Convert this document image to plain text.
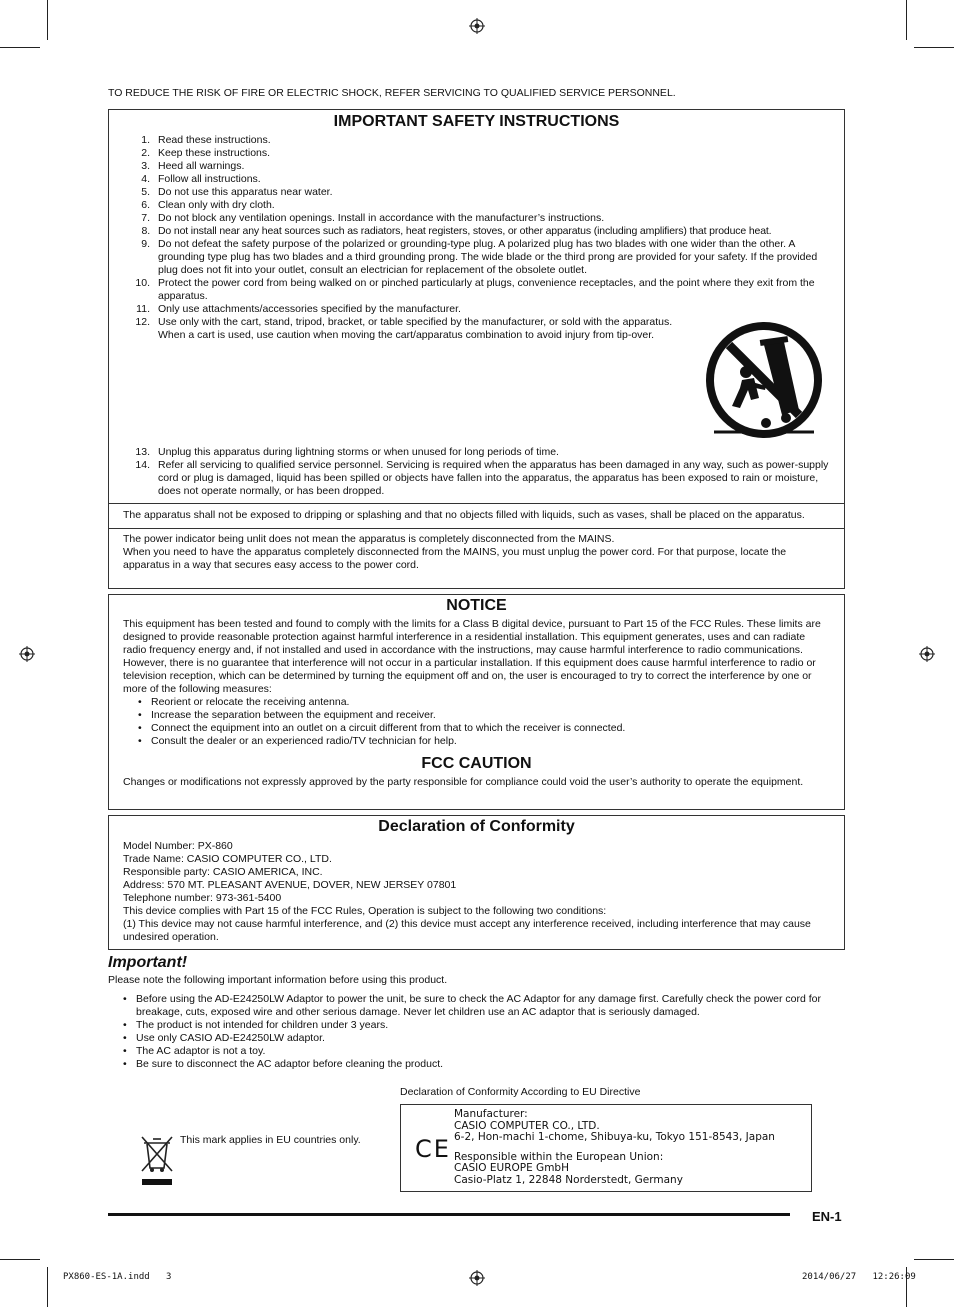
TO REDUCE THE RISK OF FIRE OR ELECTRIC SHOCK, REFER SERVICING TO QUALIFIED SERVICE PERSONNEL.
IMPORTANT SAFETY INSTRUCTIONS
1. Read these instructions.
2. Keep these instructions.
3. Heed all warnings.
4. Follow all instructions.
5. Do not use this apparatus near water.
6. Clean only with dry cloth.
7. Do not block any ventilation openings. Install in accordance with the manufacturer’s instructions.
8. Do not install near any heat sources such as radiators, heat registers, stoves, or other apparatus (including amplifiers) that produce heat.
9. Do not defeat the safety purpose of the polarized or grounding-type plug. A polarized plug has two blades with one wider than the other. A grounding type plug has two blades and a third grounding prong. The wide blade or the third prong are provided for your safety. If the provided plug does not fit into your outlet, consult an electrician for replacement of the obsolete outlet.
10. Protect the power cord from being walked on or pinched particularly at plugs, convenience receptacles, and the point where they exit from the apparatus.
11. Only use attachments/accessories specified by the manufacturer.
12. Use only with the cart, stand, tripod, bracket, or table specified by the manufacturer, or sold with the apparatus. When a cart is used, use caution when moving the cart/apparatus combination to avoid injury from tip-over.
13. Unplug this apparatus during lightning storms or when unused for long periods of time.
14. Refer all servicing to qualified service personnel. Servicing is required when the apparatus has been damaged in any way, such as power-supply cord or plug is damaged, liquid has been spilled or objects have fallen into the apparatus, the apparatus has been exposed to rain or moisture, does not operate normally, or has been dropped.

The apparatus shall not be exposed to dripping or splashing and that no objects filled with liquids, such as vases, shall be placed on the apparatus.

The power indicator being unlit does not mean the apparatus is completely disconnected from the MAINS.

When you need to have the apparatus completely disconnected from the MAINS, you must unplug the power cord. For that purpose, locate the apparatus in a way that secures easy access to the power cord.

NOTICE

This equipment has been tested and found to comply with the limits for a Class B digital device, pursuant to Part 15 of the FCC Rules. These limits are designed to provide reasonable protection against harmful interference in a residential installation. This equipment generates, uses and can radiate radio frequency energy and, if not installed and used in accordance with the instructions, may cause harmful interference to radio communications. However, there is no guarantee that interference will not occur in a particular installation. If this equipment does cause harmful interference to radio or television reception, which can be determined by turning the equipment off and on, the user is encouraged to try to correct the interference by one or more of the following measures:

• Reorient or relocate the receiving antenna.
• Increase the separation between the equipment and receiver.
• Connect the equipment into an outlet on a circuit different from that to which the receiver is connected.
• Consult the dealer or an experienced radio/TV technician for help.
FCC CAUTION

Changes or modifications not expressly approved by the party responsible for compliance could void the user’s authority to operate the equipment.

Declaration of Conformity

Model Number: PX-860

Trade Name: CASIO COMPUTER CO., LTD.

Responsible party: CASIO AMERICA, INC.

Address: 570 MT. PLEASANT AVENUE, DOVER, NEW JERSEY 07801

Telephone number: 973-361-5400

This device complies with Part 15 of the FCC Rules, Operation is subject to the following two conditions:

(1) This device may not cause harmful interference, and (2) this device must accept any interference received, including interference that may cause undesired operation.

Important!

Please note the following important information before using this product.

• Before using the AD-E24250LW Adaptor to power the unit, be sure to check the AC Adaptor for any damage first. Carefully check the power cord for breakage, cuts, exposed wire and other serious damage. Never let children use an AC adaptor that is seriously damaged.
• The product is not intended for children under 3 years.
• Use only CASIO AD-E24250LW adaptor.
• The AC adaptor is not a toy.
• Be sure to disconnect the AC adaptor before cleaning the product.
Declaration of Conformity According to EU Directive
This mark applies in EU countries only. CE
Manufacturer:
CASIO COMPUTER CO., LTD.
6-2, Hon-machi 1-chome, Shibuya-ku, Tokyo 151-8543, Japan
Responsible within the European Union:
CASIO EUROPE GmbH
Casio-Platz 1, 22848 Norderstedt, Germany
EN-1
PX860-ES-1A.indd   3	2014/06/27   12:26:09
